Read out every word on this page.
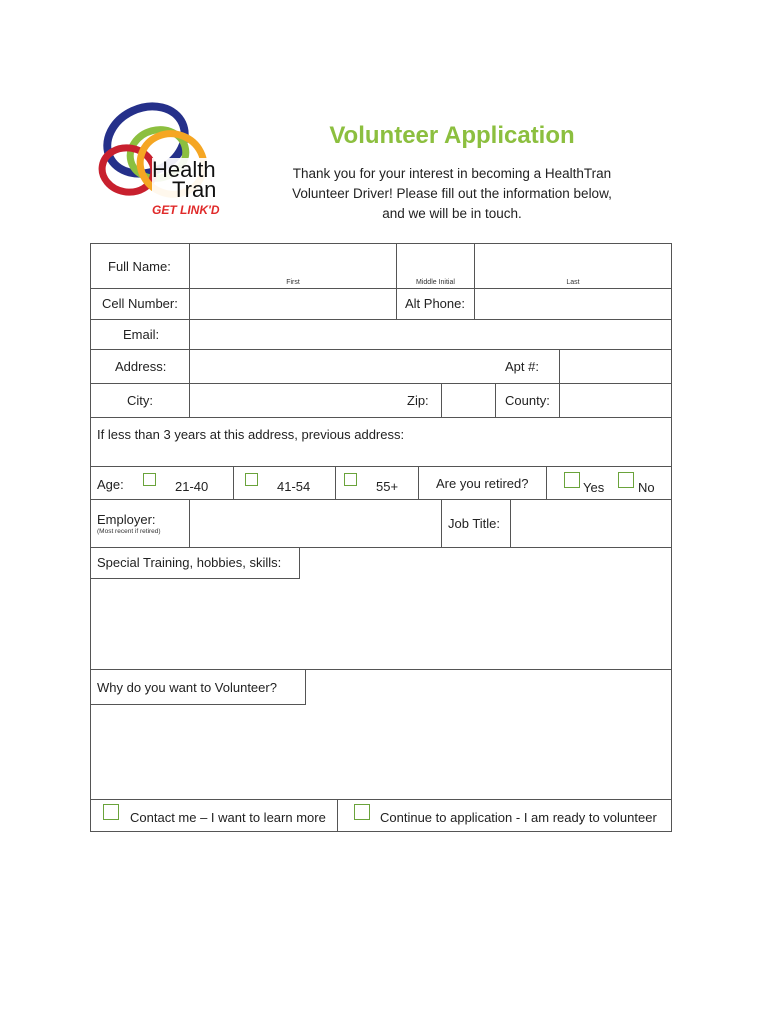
Health
Tran
GET LINK'D
Volunteer Application
Thank you for your interest in becoming a HealthTran
Volunteer Driver! Please fill out the information below,
and we will be in touch.
Full Name:
First	Middle Initial	Last
Cell Number:	Alt Phone:
Email:
Address:	Apt #:
City:	Zip:	County:
If less than 3 years at this address, previous address:
Age:	21-40	41-54	55+	Are you retired?	Yes	No
Employer:
(Most recent if retired)
Job Title:
Special Training, hobbies, skills:
Why do you want to Volunteer?
Contact me – I want to learn more	Continue to application - I am ready to volunteer
